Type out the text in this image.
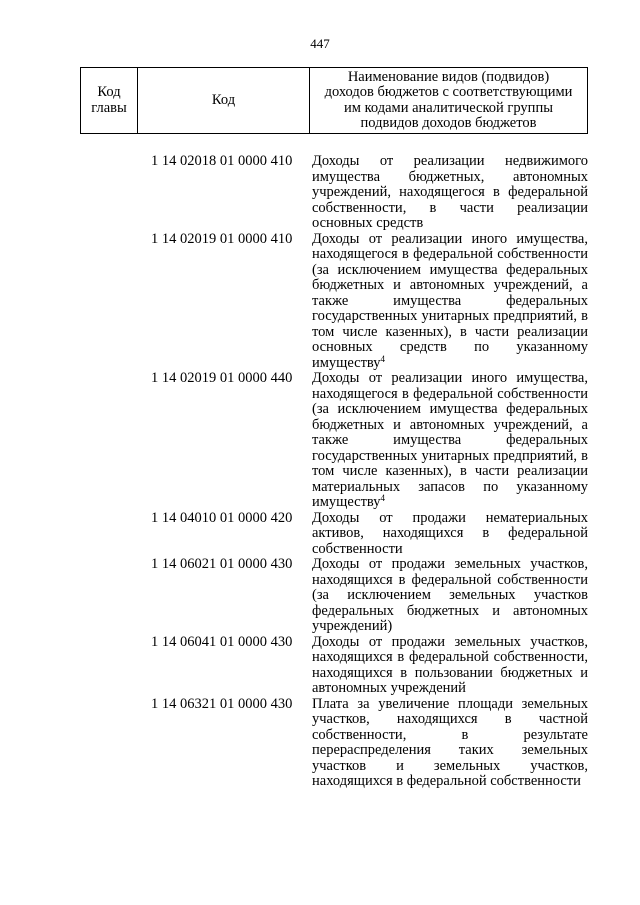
447
Код
главы	Код	Наименование видов (подвидов) доходов бюджетов с соответствующими им кодами аналитической группы подвидов доходов бюджетов
1 14 02018 01 0000 410 Доходы от реализации недвижимого
имущества бюджетных, автономных
учреждений, находящегося в федеральной
собственности, в части реализации
основных средств
1 14 02019 01 0000 410 Доходы от реализации иного имущества,
находящегося в федеральной собственности
(за исключением имущества федеральных
бюджетных и автономных учреждений, а
также имущества федеральных
государственных унитарных предприятий, в
том числе казенных), в части реализации
основных средств по указанному
имуществу$^4$
1 14 02019 01 0000 440 Доходы от реализации иного имущества,
находящегося в федеральной собственности
(за исключением имущества федеральных
бюджетных и автономных учреждений, а
также имущества федеральных
государственных унитарных предприятий, в
том числе казенных), в части реализации
материальных запасов по указанному
имуществу$^4$
1 14 04010 01 0000 420 Доходы от продажи нематериальных
активов, находящихся в федеральной
собственности
1 14 06021 01 0000 430 Доходы от продажи земельных участков,
находящихся в федеральной собственности
(за исключением земельных участков
федеральных бюджетных и автономных
учреждений)
1 14 06041 01 0000 430 Доходы от продажи земельных участков,
находящихся в федеральной собственности,
находящихся в пользовании бюджетных и
автономных учреждений
1 14 06321 01 0000 430 Плата за увеличение площади земельных
участков, находящихся в частной
собственности, в результате
перераспределения таких земельных
участков и земельных участков,
находящихся в федеральной собственности
